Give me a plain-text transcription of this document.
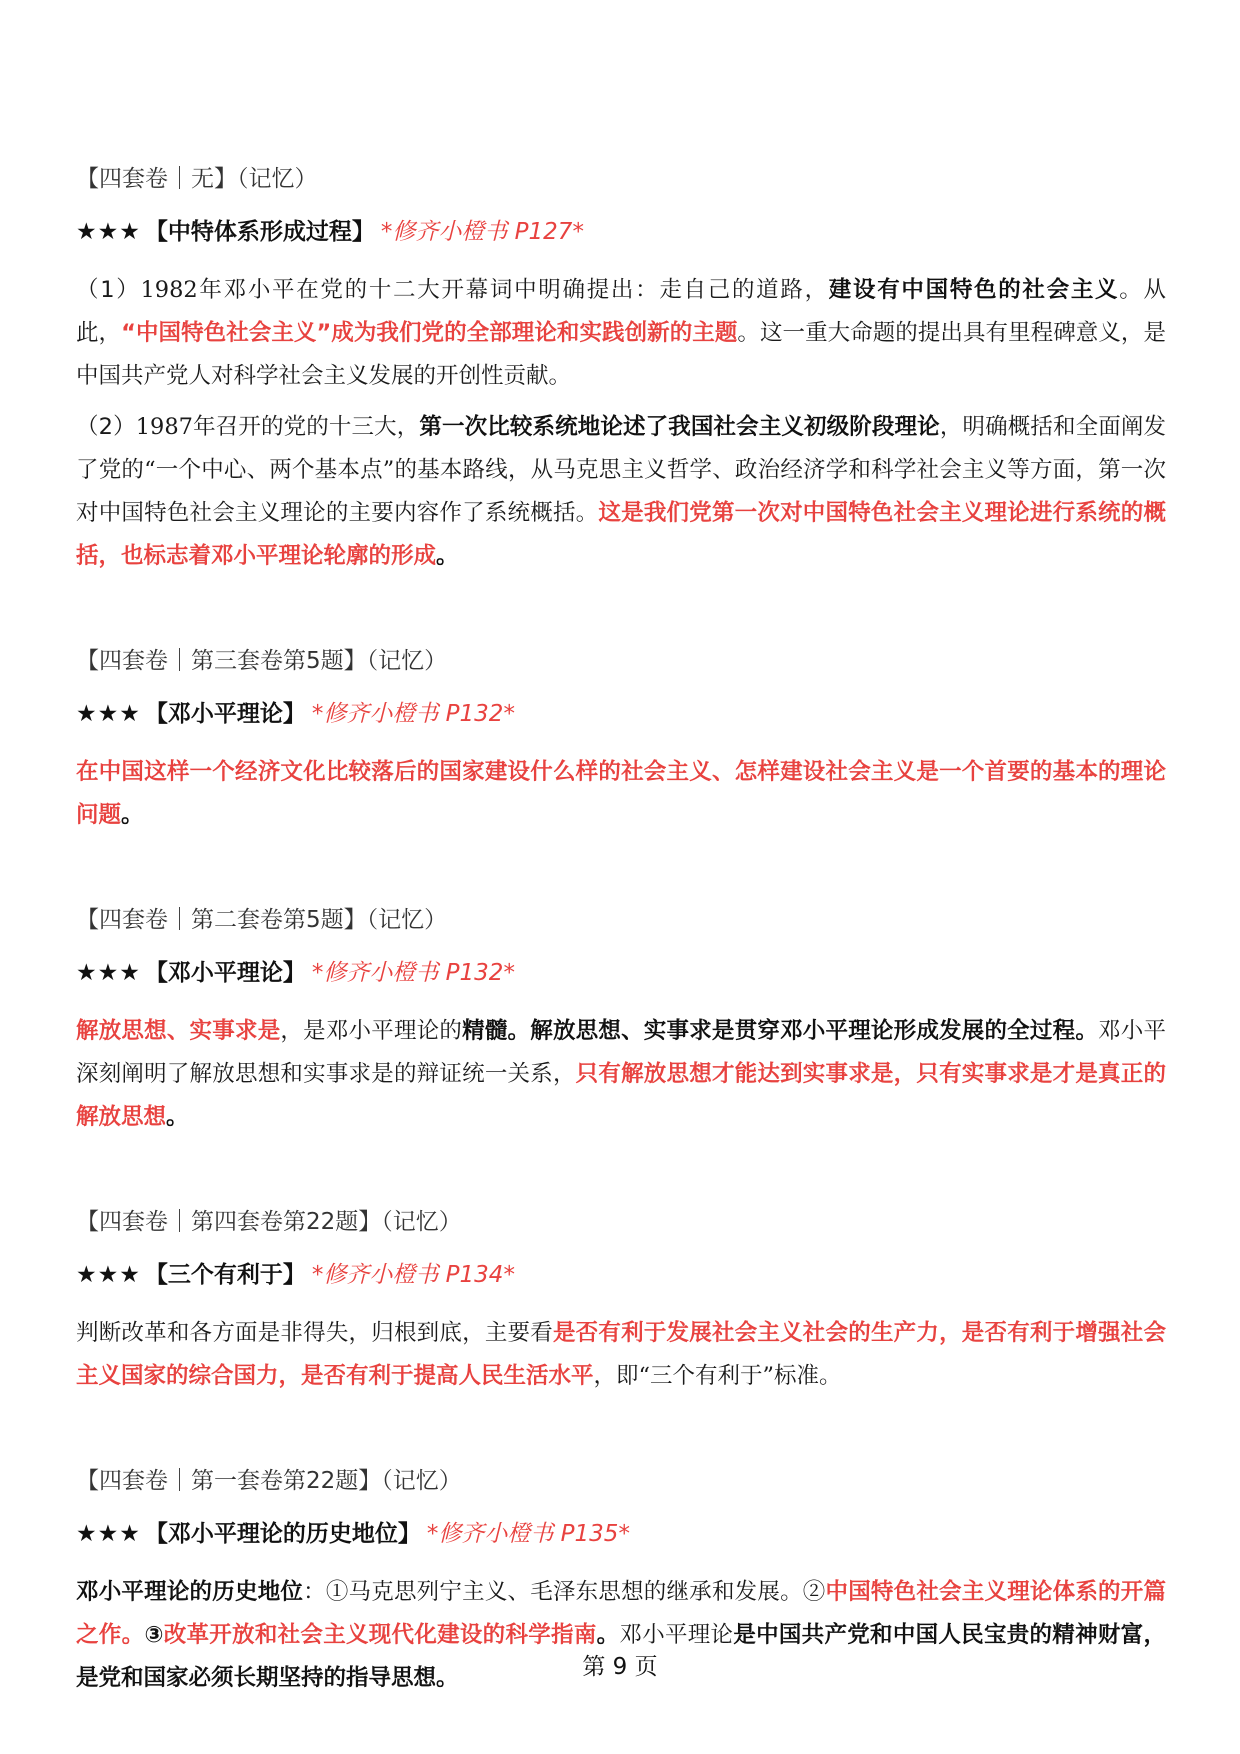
【四套卷｜无】（记忆）
★★★ 【中特体系形成过程】 *修齐小橙书 P127*
（1）1982年邓小平在党的十二大开幕词中明确提出：走自己的道路，建设有中国特色的社会主义。从此，“中国特色社会主义”成为我们党的全部理论和实践创新的主题。这一重大命题的提出具有里程碑意义，是中国共产党人对科学社会主义发展的开创性贡献。
（2）1987年召开的党的十三大，第一次比较系统地论述了我国社会主义初级阶段理论，明确概括和全面阐发了党的“一个中心、两个基本点”的基本路线，从马克思主义哲学、政治经济学和科学社会主义等方面，第一次对中国特色社会主义理论的主要内容作了系统概括。这是我们党第一次对中国特色社会主义理论进行系统的概括，也标志着邓小平理论轮廓的形成。
【四套卷｜第三套卷第5题】（记忆）
★★★ 【邓小平理论】 *修齐小橙书 P132*
在中国这样一个经济文化比较落后的国家建设什么样的社会主义、怎样建设社会主义是一个首要的基本的理论问题。
【四套卷｜第二套卷第5题】（记忆）
★★★ 【邓小平理论】 *修齐小橙书 P132*
解放思想、实事求是，是邓小平理论的精髓。解放思想、实事求是贯穿邓小平理论形成发展的全过程。邓小平深刻阐明了解放思想和实事求是的辩证统一关系，只有解放思想才能达到实事求是，只有实事求是才是真正的解放思想。
【四套卷｜第四套卷第22题】（记忆）
★★★ 【三个有利于】 *修齐小橙书 P134*
判断改革和各方面是非得失，归根到底，主要看是否有利于发展社会主义社会的生产力，是否有利于增强社会主义国家的综合国力，是否有利于提高人民生活水平，即“三个有利于”标准。
【四套卷｜第一套卷第22题】（记忆）
★★★ 【邓小平理论的历史地位】 *修齐小橙书 P135*
邓小平理论的历史地位：①马克思列宁主义、毛泽东思想的继承和发展。②中国特色社会主义理论体系的开篇之作。③改革开放和社会主义现代化建设的科学指南。邓小平理论是中国共产党和中国人民宝贵的精神财富，是党和国家必须长期坚持的指导思想。	第 9 页
